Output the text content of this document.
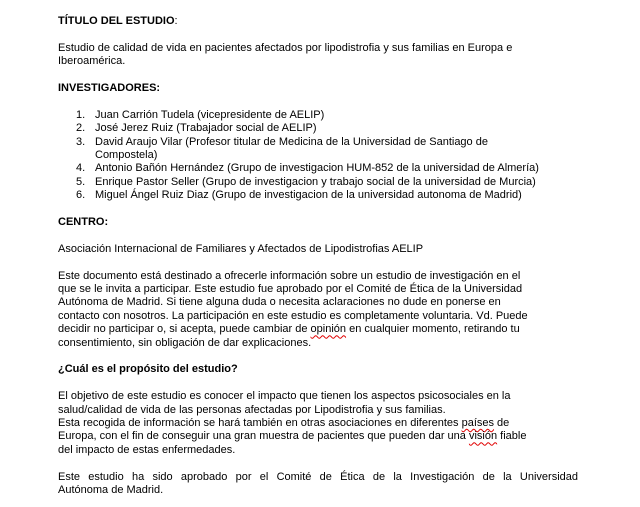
TÍTULO DEL ESTUDIO:
Estudio de calidad de vida en pacientes afectados por lipodistrofia y sus familias en Europa e
Iberoamérica.
INVESTIGADORES:
1. Juan Carrión Tudela (vicepresidente de AELIP)
2. José Jerez Ruiz (Trabajador social de AELIP)
3. David Araujo Vilar (Profesor titular de Medicina de la Universidad de Santiago de
Compostela)
4. Antonio Bañón Hernández (Grupo de investigacion HUM-852 de la universidad de Almería)
5. Enrique Pastor Seller (Grupo de investigacion y trabajo social de la universidad de Murcia)
6. Miguel Ángel Ruiz Diaz (Grupo de investigacion de la universidad autonoma de Madrid)
CENTRO:
Asociación Internacional de Familiares y Afectados de Lipodistrofias AELIP
Este documento está destinado a ofrecerle información sobre un estudio de investigación en el
que se le invita a participar. Este estudio fue aprobado por el Comité de Ética de la Universidad
Autónoma de Madrid. Si tiene alguna duda o necesita aclaraciones no dude en ponerse en
contacto con nosotros. La participación en este estudio es completamente voluntaria. Vd. Puede
decidir no participar o, si acepta, puede cambiar de opinión en cualquier momento, retirando tu
consentimiento, sin obligación de dar explicaciones.
¿Cuál es el propósito del estudio?
El objetivo de este estudio es conocer el impacto que tienen los aspectos psicosociales en la
salud/calidad de vida de las personas afectadas por Lipodistrofia y sus familias.
Esta recogida de información se hará también en otras asociaciones en diferentes países de
Europa, con el fin de conseguir una gran muestra de pacientes que pueden dar una visión fiable
del impacto de estas enfermedades.
Este estudio ha sido aprobado por el Comité de Ética de la Investigación de la Universidad
Autónoma de Madrid.
